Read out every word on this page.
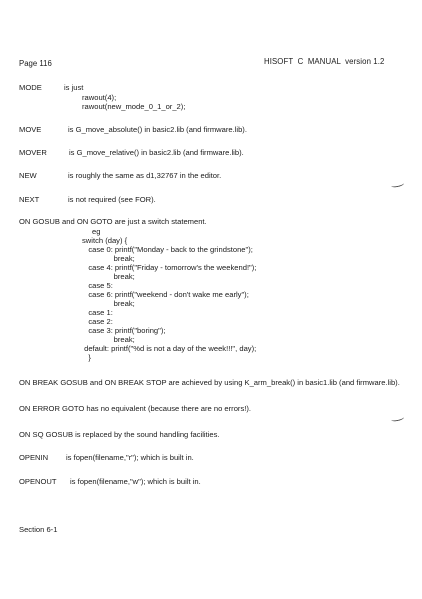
Page 116	HISOFT  C  MANUAL  version 1.2
MODE	is just
rawout(4);
rawout(new_mode_0_1_or_2);
MOVE	is G_move_absolute() in basic2.lib (and firmware.lib).
MOVER	is G_move_relative() in basic2.lib (and firmware.lib).
NEW	is roughly the same as d1,32767 in the editor.
NEXT	is not required (see FOR).
ON GOSUB and ON GOTO are just a switch statement.
eg
switch (day) {
case 0: printf("Monday - back to the grindstone");
break;
case 4: printf("Friday - tomorrow's the weekend!");
break;
case 5:
case 6: printf("weekend - don't wake me early");
break;
case 1:
case 2:
case 3: printf("boring");
break;
default: printf("%d is not a day of the week!!!", day);
}
ON BREAK GOSUB and ON BREAK STOP are achieved by using K_arm_break() in basic1.lib (and firmware.lib).
ON ERROR GOTO has no equivalent (because there are no errors!).
ON SQ GOSUB is replaced by the sound handling facilities.
OPENIN is fopen(filename,"r"); which is built in.
OPENOUT is fopen(filename,"w"); which is built in.
Section 6-1
